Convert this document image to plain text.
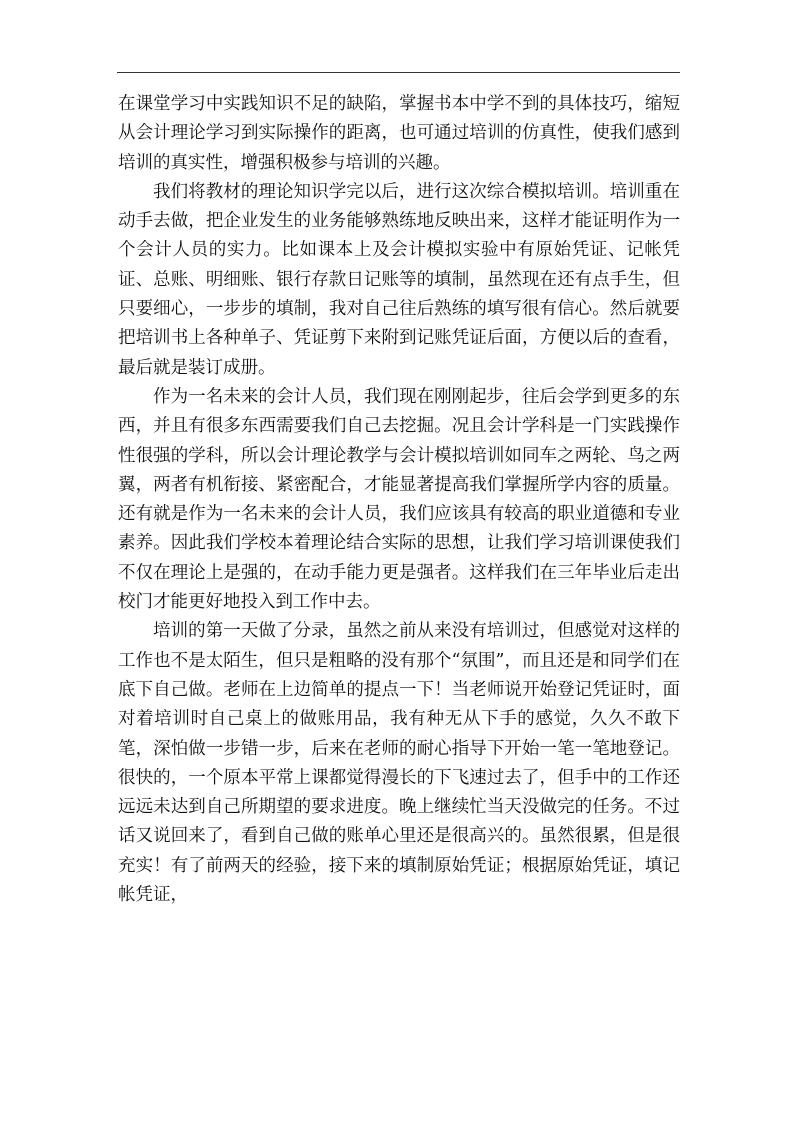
在课堂学习中实践知识不足的缺陷，掌握书本中学不到的具体技巧，缩短从会计理论学习到实际操作的距离，也可通过培训的仿真性，使我们感到培训的真实性，增强积极参与培训的兴趣。

我们将教材的理论知识学完以后，进行这次综合模拟培训。培训重在动手去做，把企业发生的业务能够熟练地反映出来，这样才能证明作为一个会计人员的实力。比如课本上及会计模拟实验中有原始凭证、记帐凭证、总账、明细账、银行存款日记账等的填制，虽然现在还有点手生，但只要细心，一步步的填制，我对自己往后熟练的填写很有信心。然后就要把培训书上各种单子、凭证剪下来附到记账凭证后面，方便以后的查看，最后就是装订成册。

作为一名未来的会计人员，我们现在刚刚起步，往后会学到更多的东西，并且有很多东西需要我们自己去挖掘。况且会计学科是一门实践操作性很强的学科，所以会计理论教学与会计模拟培训如同车之两轮、鸟之两翼，两者有机衔接、紧密配合，才能显著提高我们掌握所学内容的质量。还有就是作为一名未来的会计人员，我们应该具有较高的职业道德和专业素养。因此我们学校本着理论结合实际的思想，让我们学习培训课使我们不仅在理论上是强的，在动手能力更是强者。这样我们在三年毕业后走出校门才能更好地投入到工作中去。

培训的第一天做了分录，虽然之前从来没有培训过，但感觉对这样的工作也不是太陌生，但只是粗略的没有那个“氛围”，而且还是和同学们在底下自己做。老师在上边简单的提点一下！当老师说开始登记凭证时，面对着培训时自己桌上的做账用品，我有种无从下手的感觉，久久不敢下笔，深怕做一步错一步，后来在老师的耐心指导下开始一笔一笔地登记。很快的，一个原本平常上课都觉得漫长的下飞速过去了，但手中的工作还远远未达到自己所期望的要求进度。晚上继续忙当天没做完的任务。不过话又说回来了，看到自己做的账单心里还是很高兴的。虽然很累，但是很充实！有了前两天的经验，接下来的填制原始凭证；根据原始凭证，填记帐凭证，
